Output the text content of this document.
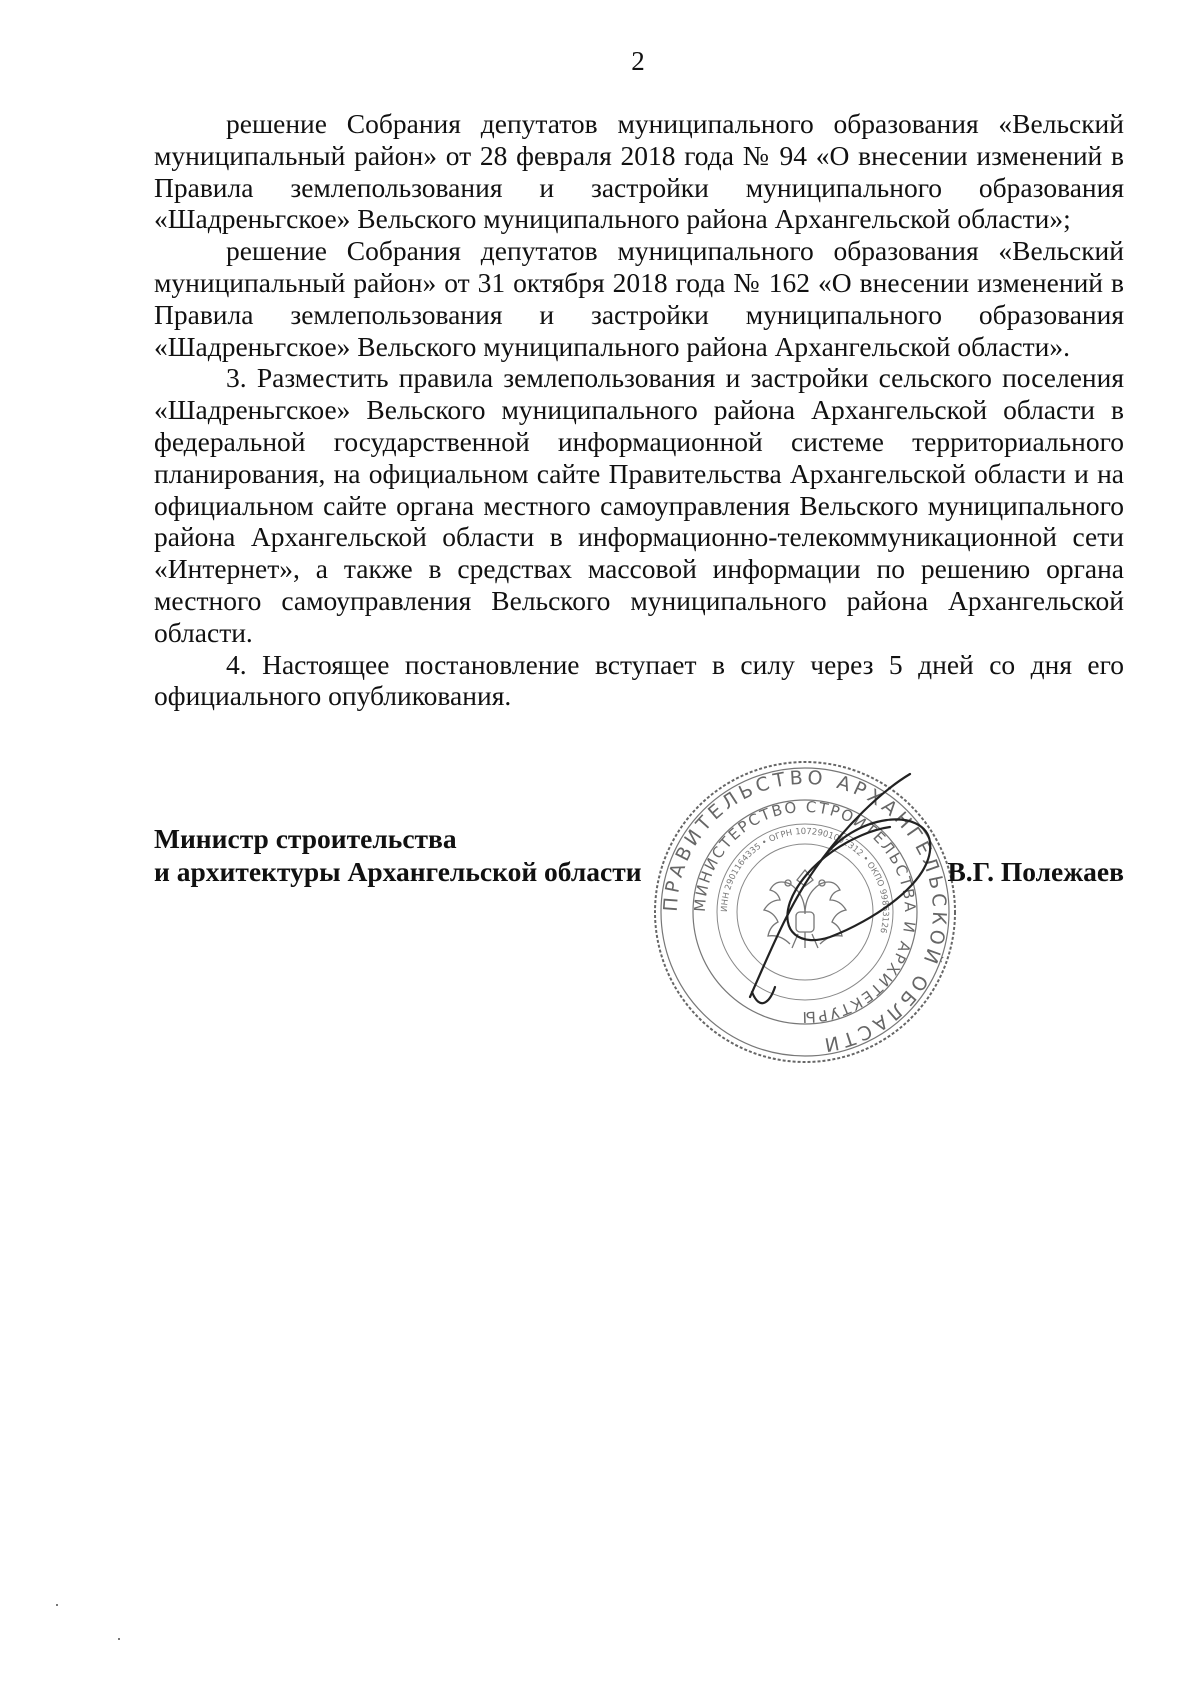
2

решение Собрания депутатов муниципального образования «Вельский муниципальный район» от 28 февраля 2018 года № 94 «О внесении изменений в Правила землепользования и застройки муниципального образования «Шадреньгское» Вельского муниципального района Архангельской области»;

решение Собрания депутатов муниципального образования «Вельский муниципальный район» от 31 октября 2018 года № 162 «О внесении изменений в Правила землепользования и застройки муниципального образования «Шадреньгское» Вельского муниципального района Архангельской области».

3. Разместить правила землепользования и застройки сельского поселения «Шадреньгское» Вельского муниципального района Архангельской области в федеральной государственной информационной системе территориального планирования, на официальном сайте Правительства Архангельской области и на официальном сайте органа местного самоуправления Вельского муниципального района Архангельской области в информационно-телекоммуникационной сети «Интернет», а также в средствах массовой информации по решению органа местного самоуправления Вельского муниципального района Архангельской области.

4. Настоящее постановление вступает в силу через 5 дней со дня его официального опубликования.

Министр строительства
и архитектуры Архангельской области
ПРАВИТЕЛЬСТВО АРХАНГЕЛЬСКОЙ ОБЛАСТИ
МИНИСТЕРСТВО СТРОИТЕЛЬСТВА И АРХИТЕКТУРЫ
ИНН 2901164335 • ОГРН 1072901002312 • ОКПО 99863126
В.Г. Полежаев
